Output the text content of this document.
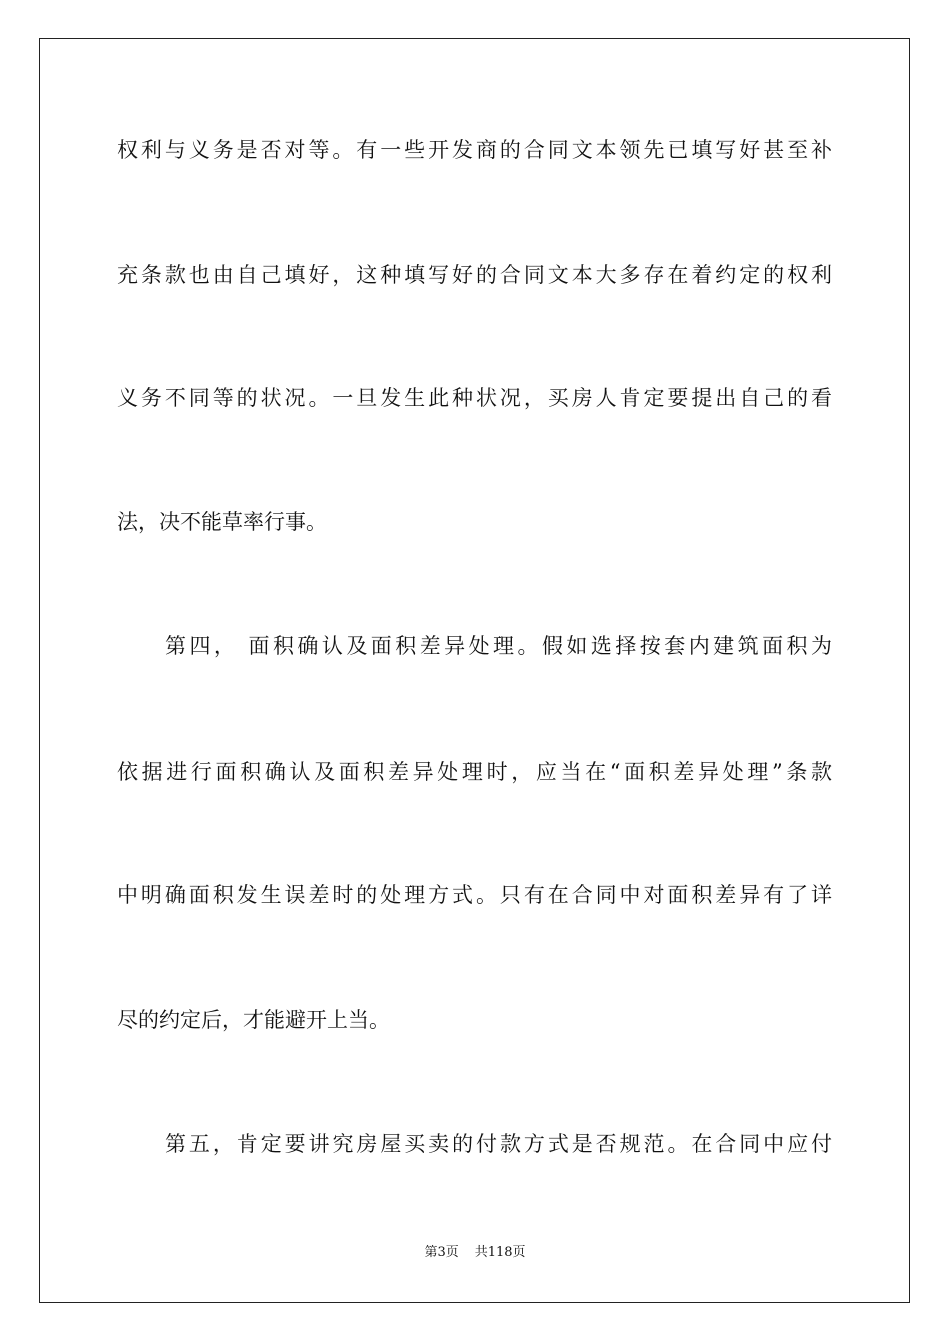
权利与义务是否对等。有一些开发商的合同文本领先已填写好甚至补
充条款也由自己填好，这种填写好的合同文本大多存在着约定的权利
义务不同等的状况。一旦发生此种状况，买房人肯定要提出自己的看
法，决不能草率行事。
第四， 面积确认及面积差异处理。假如选择按套内建筑面积为
依据进行面积确认及面积差异处理时，应当在“面积差异处理”条款
中明确面积发生误差时的处理方式。只有在合同中对面积差异有了详
尽的约定后，才能避开上当。
第五，肯定要讲究房屋买卖的付款方式是否规范。在合同中应付
第3页 共118页
